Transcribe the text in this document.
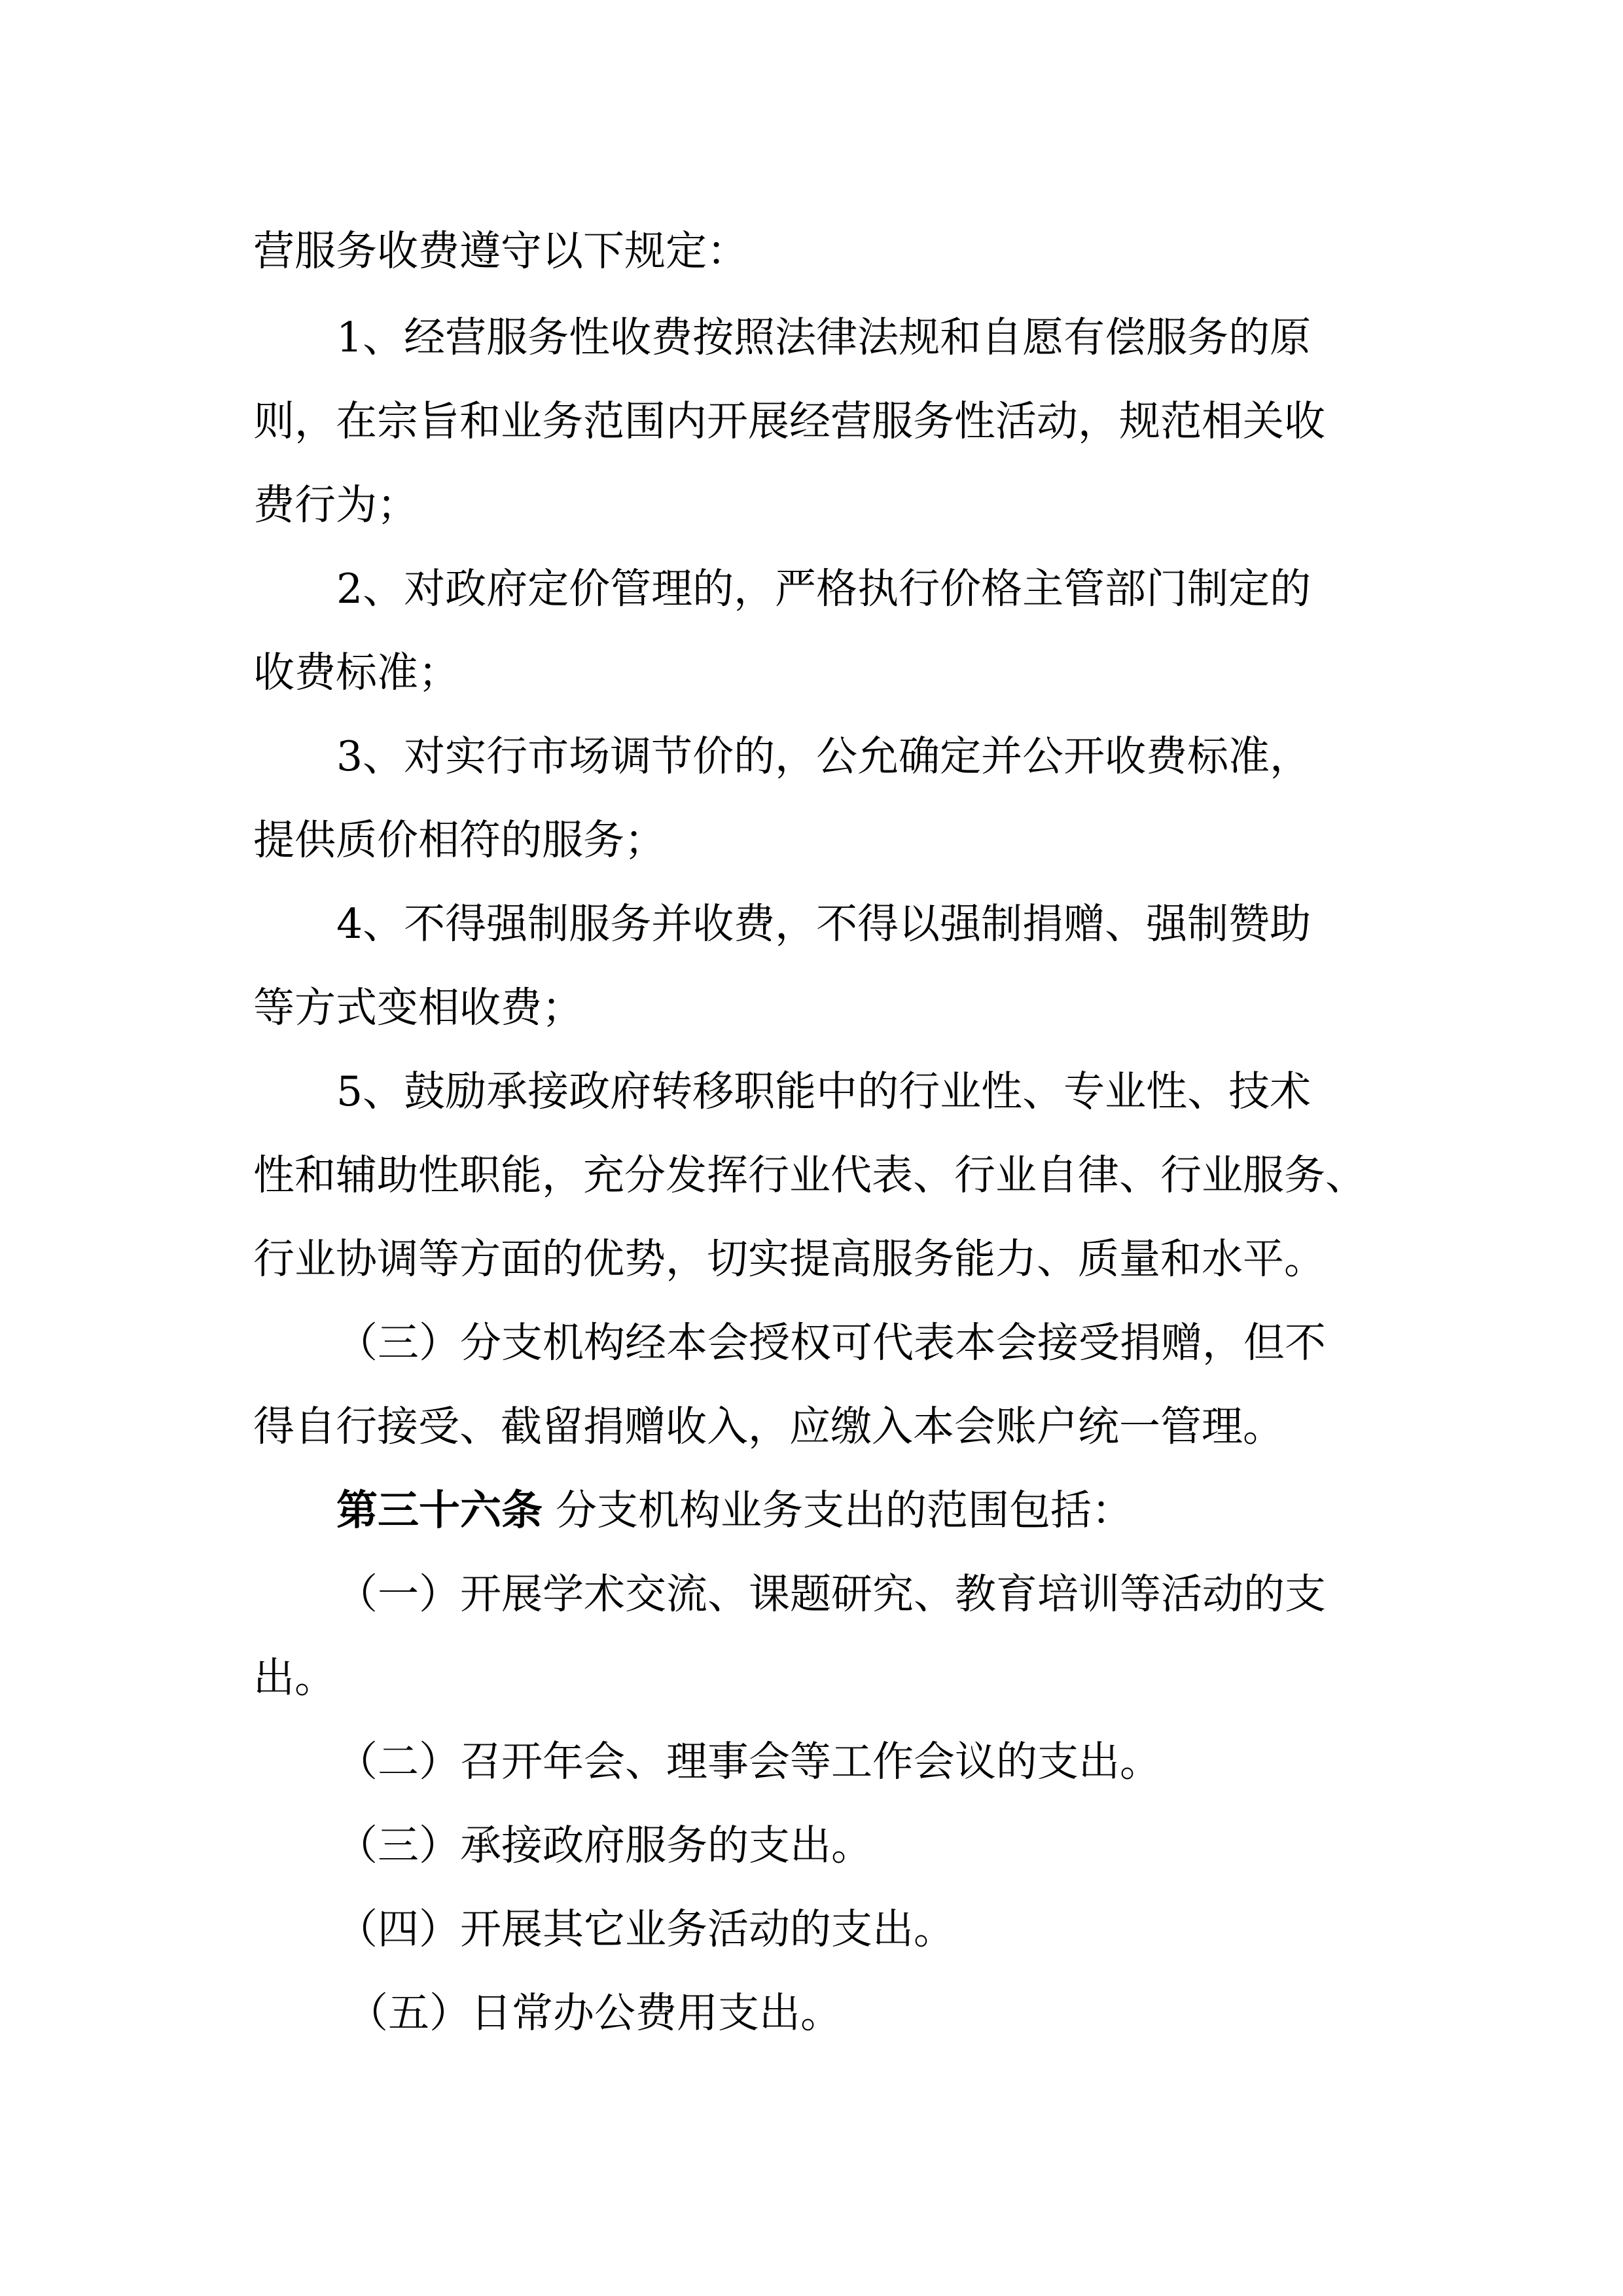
营服务收费遵守以下规定：
1、经营服务性收费按照法律法规和自愿有偿服务的原
则，在宗旨和业务范围内开展经营服务性活动，规范相关收
费行为；
2、对政府定价管理的，严格执行价格主管部门制定的
收费标准；
3、对实行市场调节价的，公允确定并公开收费标准，
提供质价相符的服务；
4、不得强制服务并收费，不得以强制捐赠、强制赞助
等方式变相收费；
5、鼓励承接政府转移职能中的行业性、专业性、技术
性和辅助性职能，充分发挥行业代表、行业自律、行业服务、
行业协调等方面的优势，切实提高服务能力、质量和水平。
（三）分支机构经本会授权可代表本会接受捐赠，但不
得自行接受、截留捐赠收入，应缴入本会账户统一管理。
第三十六条 分支机构业务支出的范围包括：
（一）开展学术交流、课题研究、教育培训等活动的支
出。
（二）召开年会、理事会等工作会议的支出。
（三）承接政府服务的支出。
（四）开展其它业务活动的支出。
（五）日常办公费用支出。
